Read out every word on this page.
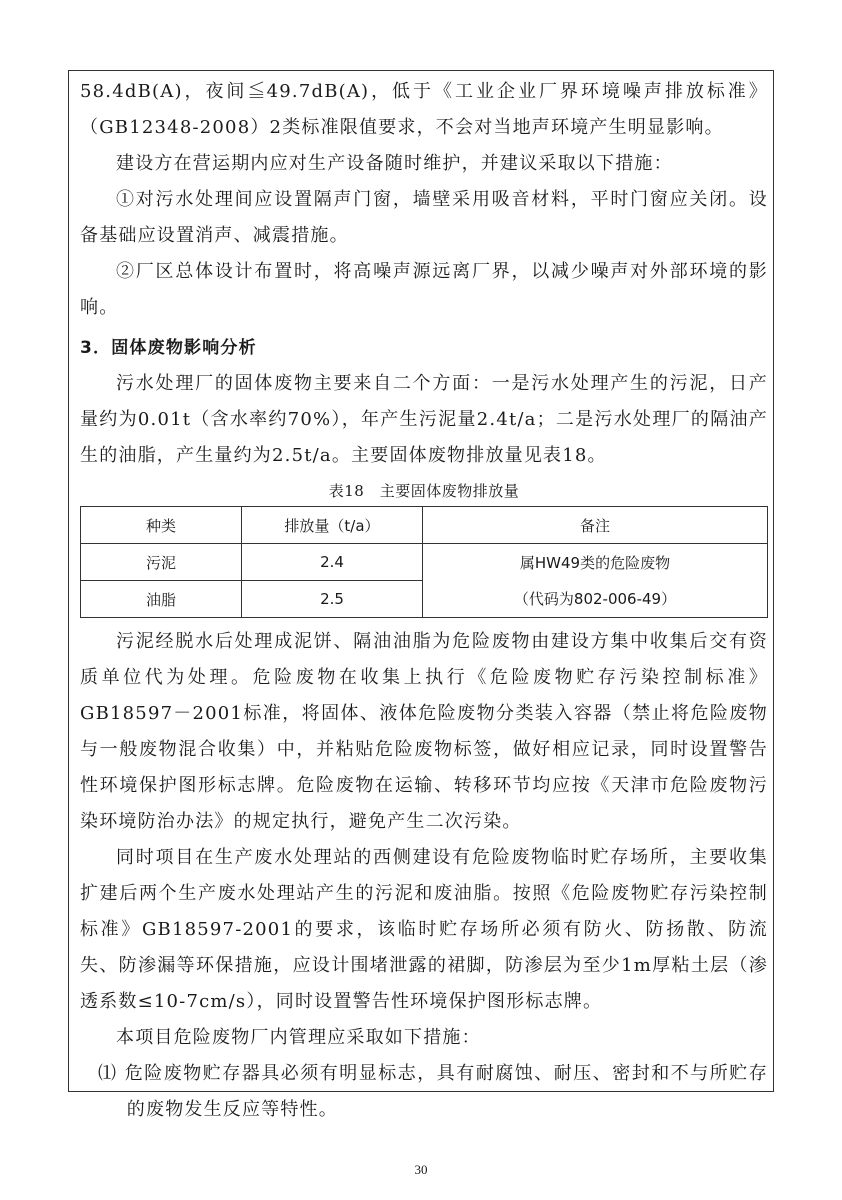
58.4dB(A)，夜间≦49.7dB(A)，低于《工业企业厂界环境噪声排放标准》（GB12348-2008）2类标准限值要求，不会对当地声环境产生明显影响。

建设方在营运期内应对生产设备随时维护，并建议采取以下措施：

①对污水处理间应设置隔声门窗，墙壁采用吸音材料，平时门窗应关闭。设备基础应设置消声、减震措施。

②厂区总体设计布置时，将高噪声源远离厂界，以减少噪声对外部环境的影响。

3．固体废物影响分析

污水处理厂的固体废物主要来自二个方面：一是污水处理产生的污泥，日产量约为0.01t（含水率约70%），年产生污泥量2.4t/a；二是污水处理厂的隔油产生的油脂，产生量约为2.5t/a。主要固体废物排放量见表18。

表18　主要固体废物排放量

种类	排放量（t/a）	备注
污泥	2.4	属HW49类的危险废物
（代码为802-006-49）

油脂	2.5	

污泥经脱水后处理成泥饼、隔油油脂为危险废物由建设方集中收集后交有资质单位代为处理。危险废物在收集上执行《危险废物贮存污染控制标准》GB18597－2001标准，将固体、液体危险废物分类装入容器（禁止将危险废物与一般废物混合收集）中，并粘贴危险废物标签，做好相应记录，同时设置警告性环境保护图形标志牌。危险废物在运输、转移环节均应按《天津市危险废物污染环境防治办法》的规定执行，避免产生二次污染。

同时项目在生产废水处理站的西侧建设有危险废物临时贮存场所，主要收集扩建后两个生产废水处理站产生的污泥和废油脂。按照《危险废物贮存污染控制标准》GB18597-2001的要求，该临时贮存场所必须有防火、防扬散、防流失、防渗漏等环保措施，应设计围堵泄露的裙脚，防渗层为至少1m厚粘土层（渗透系数≤10-7cm/s），同时设置警告性环境保护图形标志牌。

本项目危险废物厂内管理应采取如下措施：

⑴ 危险废物贮存器具必须有明显标志，具有耐腐蚀、耐压、密封和不与所贮存的废物发生反应等特性。

30
